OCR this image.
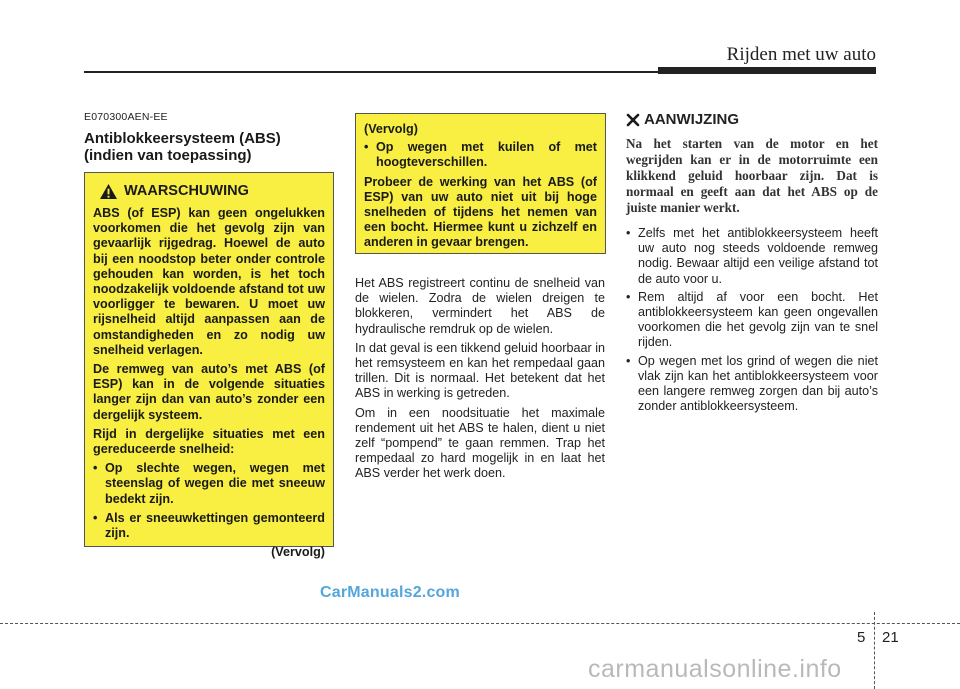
Rijden met uw auto
E070300AEN-EE
Antiblokkeersysteem (ABS)
(indien van toepassing)
WAARSCHUWING

ABS (of ESP) kan geen ongelukken voorkomen die het gevolg zijn van gevaarlijk rijgedrag. Hoewel de auto bij een noodstop beter onder controle gehouden kan worden, is het toch noodzakelijk voldoende afstand tot uw voorligger te bewaren. U moet uw rijsnelheid altijd aanpassen aan de omstandigheden en zo nodig uw snelheid verlagen.

De remweg van auto’s met ABS (of ESP) kan in de volgende situaties langer zijn dan van auto’s zonder een dergelijk systeem.

Rijd in dergelijke situaties met een gereduceerde snelheid:

• Op slechte wegen, wegen met steenslag of wegen die met sneeuw bedekt zijn.
• Als er sneeuwkettingen gemonteerd zijn.
(Vervolg)

(Vervolg)

• Op wegen met kuilen of met hoogteverschillen.

Probeer de werking van het ABS (of ESP) van uw auto niet uit bij hoge snelheden of tijdens het nemen van een bocht. Hiermee kunt u zichzelf en anderen in gevaar brengen.

Het ABS registreert continu de snelheid van de wielen. Zodra de wielen dreigen te blokkeren, vermindert het ABS de hydraulische remdruk op de wielen.

In dat geval is een tikkend geluid hoorbaar in het remsysteem en kan het rempedaal gaan trillen. Dit is normaal. Het betekent dat het ABS in werking is getreden.

Om in een noodsituatie het maximale rendement uit het ABS te halen, dient u niet zelf “pompend” te gaan remmen. Trap het rempedaal zo hard mogelijk in en laat het ABS verder het werk doen.

AANWIJZING

Na het starten van de motor en het wegrijden kan er in de motorruimte een klikkend geluid hoorbaar zijn. Dat is normaal en geeft aan dat het ABS op de juiste manier werkt.

• Zelfs met het antiblokkeersysteem heeft uw auto nog steeds voldoende remweg nodig. Bewaar altijd een veilige afstand tot de auto voor u.
• Rem altijd af voor een bocht. Het antiblokkeersysteem kan geen ongevallen voorkomen die het gevolg zijn van te snel rijden.
• Op wegen met los grind of wegen die niet vlak zijn kan het antiblokkeersysteem voor een langere remweg zorgen dan bij auto’s zonder antiblokkeersysteem.
CarManuals2.com
5 21
carmanualsonline.info
